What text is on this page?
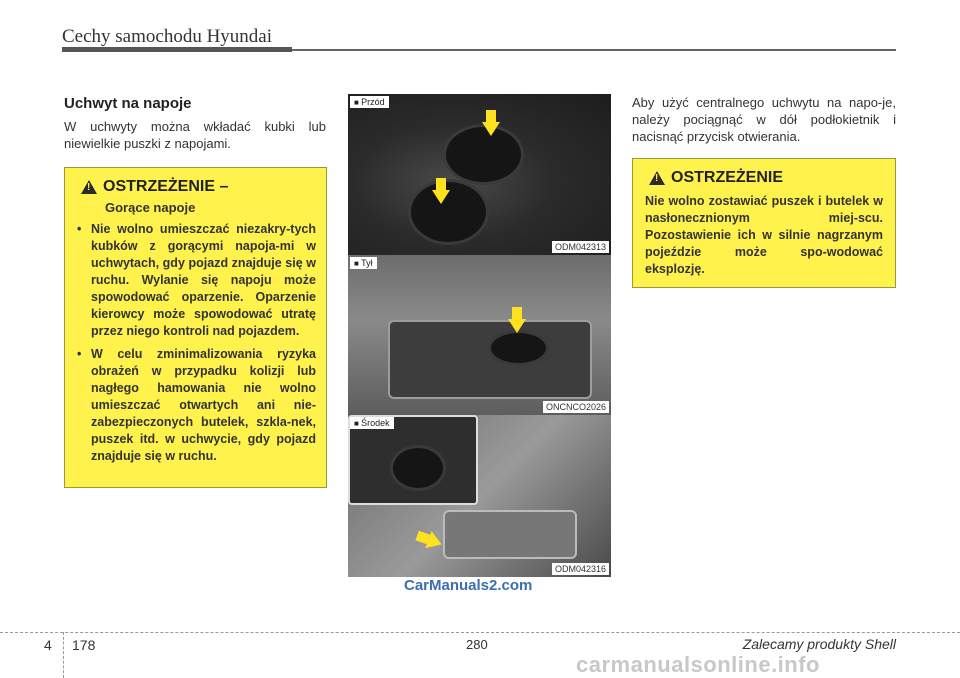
Cechy samochodu Hyundai
Uchwyt na napoje
W uchwyty można wkładać kubki lub niewielkie puszki z napojami.
!
OSTRZEŻENIE –
Gorące napoje
• Nie wolno umieszczać niezakry-tych kubków z gorącymi napoja-mi w uchwytach, gdy pojazd znajduje się w ruchu. Wylanie się napoju może spowodować oparzenie. Oparzenie kierowcy może spowodować utratę przez niego kontroli nad pojazdem.
• W celu zminimalizowania ryzyka obrażeń w przypadku kolizji lub nagłego hamowania nie wolno umieszczać otwartych ani nie-zabezpieczonych butelek, szkla-nek, puszek itd. w uchwycie, gdy pojazd znajduje się w ruchu.
■ Przód
ODM042313
■ Tył
ONCNCO2026
■ Środek
ODM042316
CarManuals2.com
Aby użyć centralnego uchwytu na napo-je, należy pociągnąć w dół podłokietnik i nacisnąć przycisk otwierania.
!
OSTRZEŻENIE
Nie wolno zostawiać puszek i butelek w nasłonecznionym miej-scu. Pozostawienie ich w silnie nagrzanym pojeździe może spo-wodować eksplozję.
4 178	280	Zalecamy produkty Shell
carmanualsonline.info
